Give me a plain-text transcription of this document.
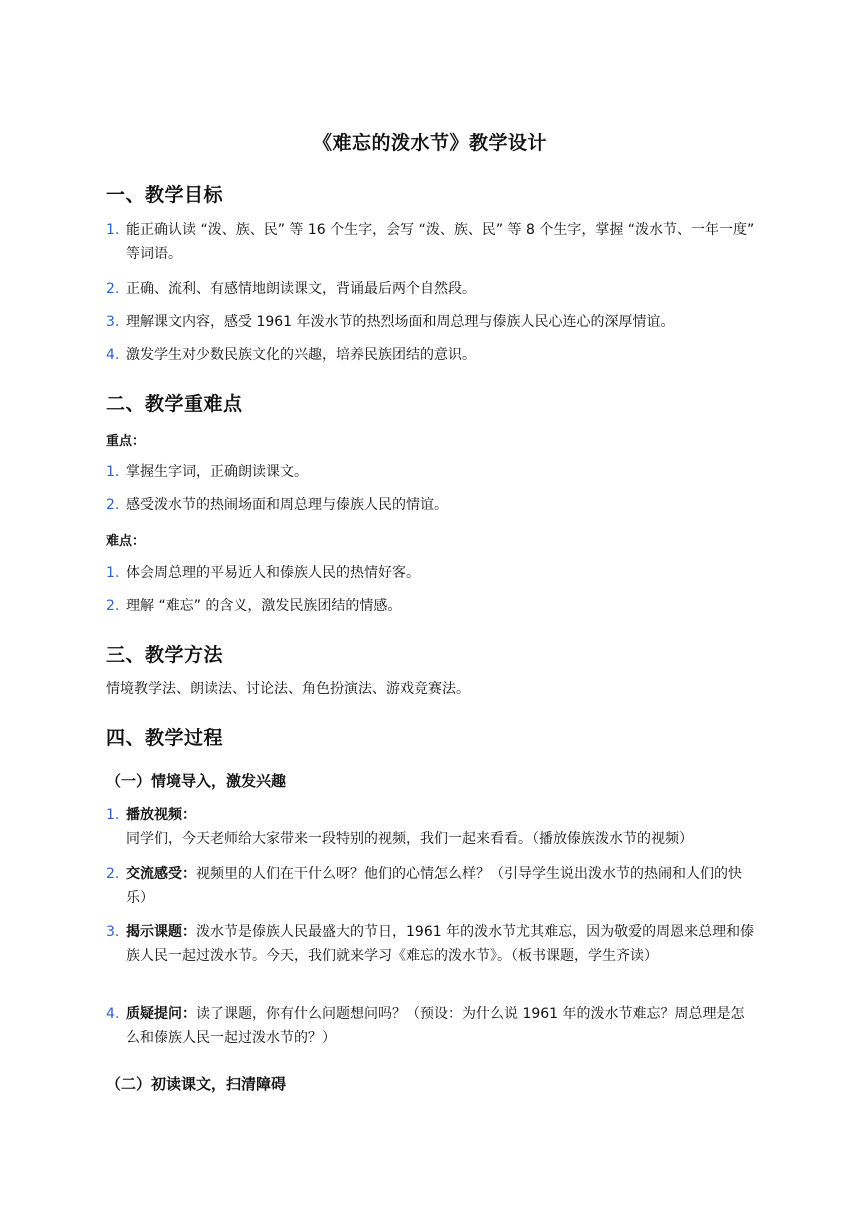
《难忘的泼水节》教学设计
一、教学目标
1. 能正确认读 “泼、族、民” 等 16 个生字，会写 “泼、族、民” 等 8 个生字，掌握 “泼水节、一年一度” 等词语。
2. 正确、流利、有感情地朗读课文，背诵最后两个自然段。
3. 理解课文内容，感受 1961 年泼水节的热烈场面和周总理与傣族人民心连心的深厚情谊。
4. 激发学生对少数民族文化的兴趣，培养民族团结的意识。
二、教学重难点
重点：
1. 掌握生字词，正确朗读课文。
2. 感受泼水节的热闹场面和周总理与傣族人民的情谊。
难点：
1. 体会周总理的平易近人和傣族人民的热情好客。
2. 理解 “难忘” 的含义，激发民族团结的情感。
三、教学方法
情境教学法、朗读法、讨论法、角色扮演法、游戏竞赛法。
四、教学过程
（一）情境导入，激发兴趣
1. 播放视频：同学们，今天老师给大家带来一段特别的视频，我们一起来看看。（播放傣族泼水节的视频）
2. 交流感受：视频里的人们在干什么呀？他们的心情怎么样？（引导学生说出泼水节的热闹和人们的快乐）
3. 揭示课题：泼水节是傣族人民最盛大的节日，1961 年的泼水节尤其难忘，因为敬爱的周恩来总理和傣族人民一起过泼水节。今天，我们就来学习《难忘的泼水节》。（板书课题，学生齐读）
4. 质疑提问：读了课题，你有什么问题想问吗？（预设：为什么说 1961 年的泼水节难忘？周总理是怎么和傣族人民一起过泼水节的？）
（二）初读课文，扫清障碍
